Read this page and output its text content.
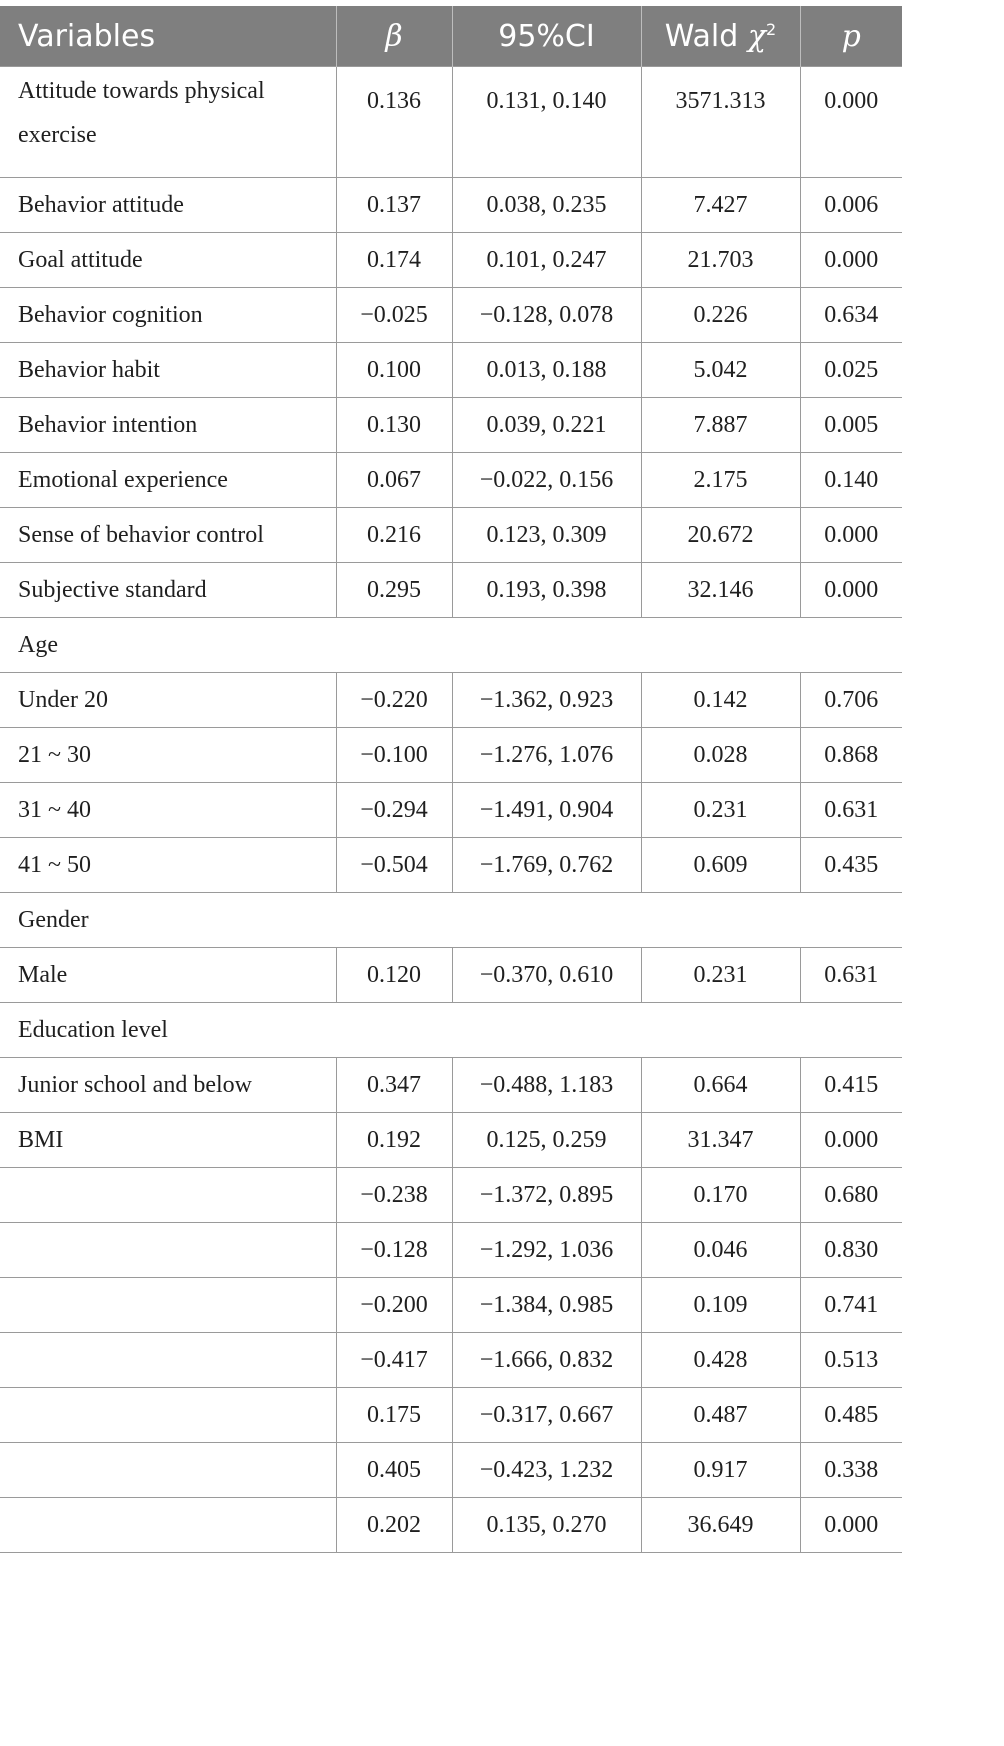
Variables	β	95%CI	Wald $\chi^2$	p
Attitude towards physical exercise	0.136	0.131, 0.140	3571.313	0.000
Behavior attitude	0.137	0.038, 0.235	7.427	0.006
Goal attitude	0.174	0.101, 0.247	21.703	0.000
Behavior cognition	−0.025	−0.128, 0.078	0.226	0.634
Behavior habit	0.100	0.013, 0.188	5.042	0.025
Behavior intention	0.130	0.039, 0.221	7.887	0.005
Emotional experience	0.067	−0.022, 0.156	2.175	0.140
Sense of behavior control	0.216	0.123, 0.309	20.672	0.000
Subjective standard	0.295	0.193, 0.398	32.146	0.000
Age				
Under 20	−0.220	−1.362, 0.923	0.142	0.706
21 ~ 30	−0.100	−1.276, 1.076	0.028	0.868
31 ~ 40	−0.294	−1.491, 0.904	0.231	0.631
41 ~ 50	−0.504	−1.769, 0.762	0.609	0.435
Gender				
Male	0.120	−0.370, 0.610	0.231	0.631
Education level				
Junior school and below	0.347	−0.488, 1.183	0.664	0.415
BMI	0.192	0.125, 0.259	31.347	0.000
	−0.238	−1.372, 0.895	0.170	0.680
	−0.128	−1.292, 1.036	0.046	0.830
	−0.200	−1.384, 0.985	0.109	0.741
	−0.417	−1.666, 0.832	0.428	0.513
	0.175	−0.317, 0.667	0.487	0.485
	0.405	−0.423, 1.232	0.917	0.338
	0.202	0.135, 0.270	36.649	0.000
